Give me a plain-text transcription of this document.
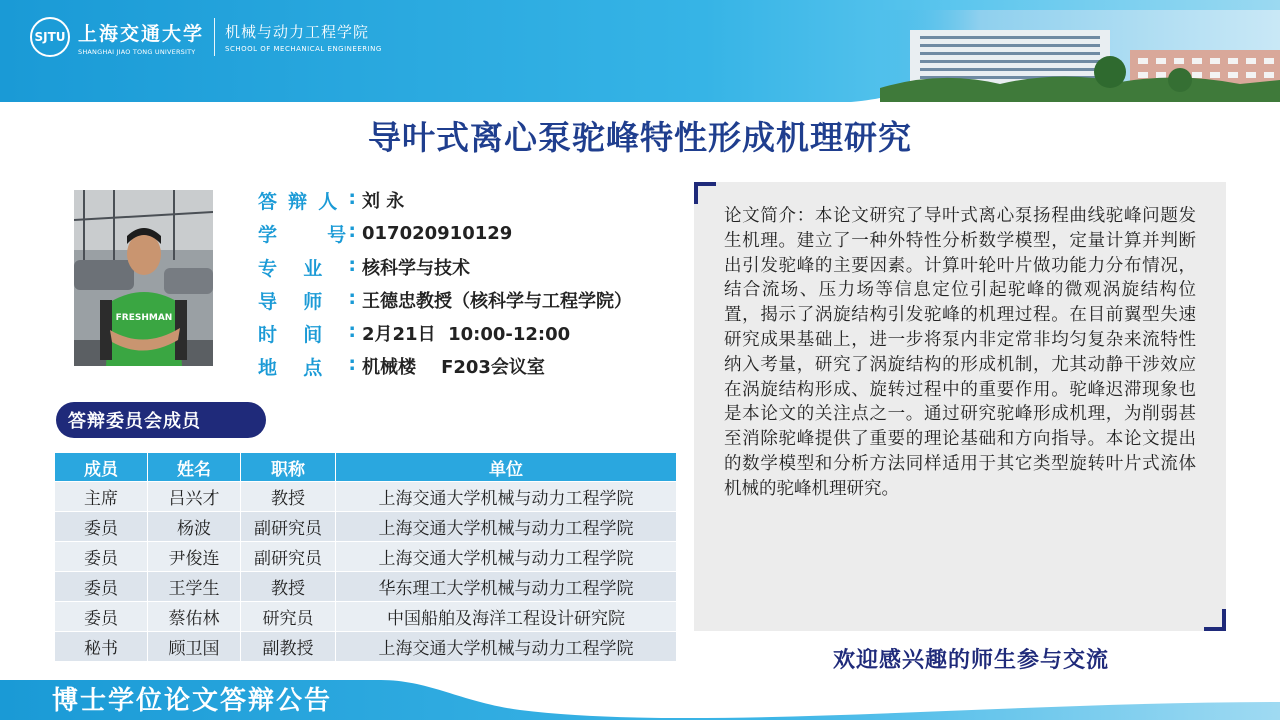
SJTU 上海交通大学
SHANGHAI JIAO TONG UNIVERSITY
机械与动力工程学院
SCHOOL OF MECHANICAL ENGINEERING
导叶式离心泵驼峰特性形成机理研究
FRESHMAN
答 辩 人 : 刘 永
学	号 : 017020910129
专 业 : 核科学与技术
导 师 : 王德忠教授（核科学与工程学院）
时 间 : 2月21日  10:00-12:00
地 点 : 机械楼    F203会议室
答辩委员会成员
成员	姓名	职称	单位
主席	吕兴才	教授	上海交通大学机械与动力工程学院
委员	杨波	副研究员	上海交通大学机械与动力工程学院
委员	尹俊连	副研究员	上海交通大学机械与动力工程学院
委员	王学生	教授	华东理工大学机械与动力工程学院
委员	蔡佑林	研究员	中国船舶及海洋工程设计研究院
秘书	顾卫国	副教授	上海交通大学机械与动力工程学院
论文简介：本论文研究了导叶式离心泵扬程曲线驼峰问题发生机理。建立了一种外特性分析数学模型，定量计算并判断出引发驼峰的主要因素。计算叶轮叶片做功能力分布情况，结合流场、压力场等信息定位引起驼峰的微观涡旋结构位置，揭示了涡旋结构引发驼峰的机理过程。在目前翼型失速研究成果基础上，进一步将泵内非定常非均匀复杂来流特性纳入考量，研究了涡旋结构的形成机制，尤其动静干涉效应在涡旋结构形成、旋转过程中的重要作用。驼峰迟滞现象也是本论文的关注点之一。通过研究驼峰形成机理，为削弱甚至消除驼峰提供了重要的理论基础和方向指导。本论文提出的数学模型和分析方法同样适用于其它类型旋转叶片式流体机械的驼峰机理研究。
欢迎感兴趣的师生参与交流
博士学位论文答辩公告
